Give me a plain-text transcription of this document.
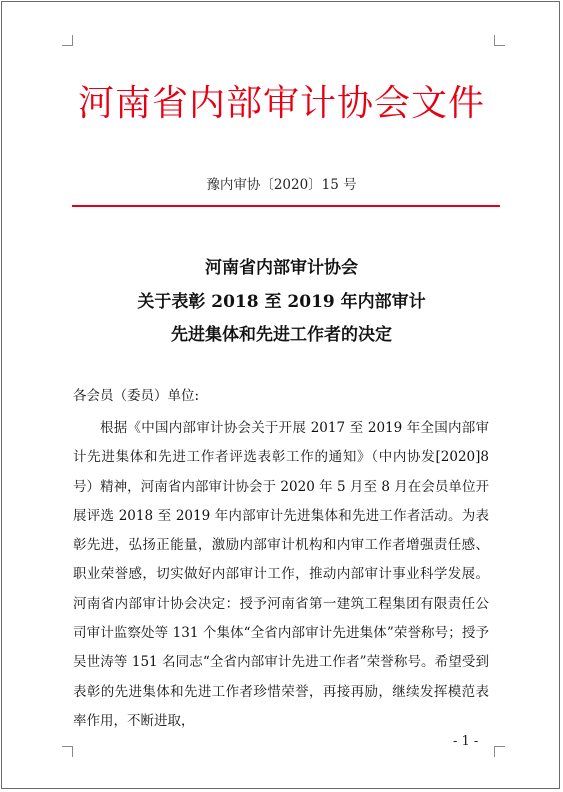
河南省内部审计协会文件
豫内审协〔2020〕15 号
河南省内部审计协会
关于表彰 2018 至 2019 年内部审计
先进集体和先进工作者的决定
各会员（委员）单位:

根据《中国内部审计协会关于开展 2017 至 2019 年全国内部审计先进集体和先进工作者评选表彰工作的通知》（中内协发[2020]8 号）精神，河南省内部审计协会于 2020 年 5 月至 8 月在会员单位开展评选 2018 至 2019 年内部审计先进集体和先进工作者活动。为表彰先进，弘扬正能量，激励内部审计机构和内审工作者增强责任感、职业荣誉感，切实做好内部审计工作，推动内部审计事业科学发展。河南省内部审计协会决定：授予河南省第一建筑工程集团有限责任公司审计监察处等 131 个集体“全省内部审计先进集体”荣誉称号；授予吴世涛等 151 名同志“全省内部审计先进工作者”荣誉称号。希望受到表彰的先进集体和先进工作者珍惜荣誉，再接再励，继续发挥模范表率作用，不断进取，

- 1 -
